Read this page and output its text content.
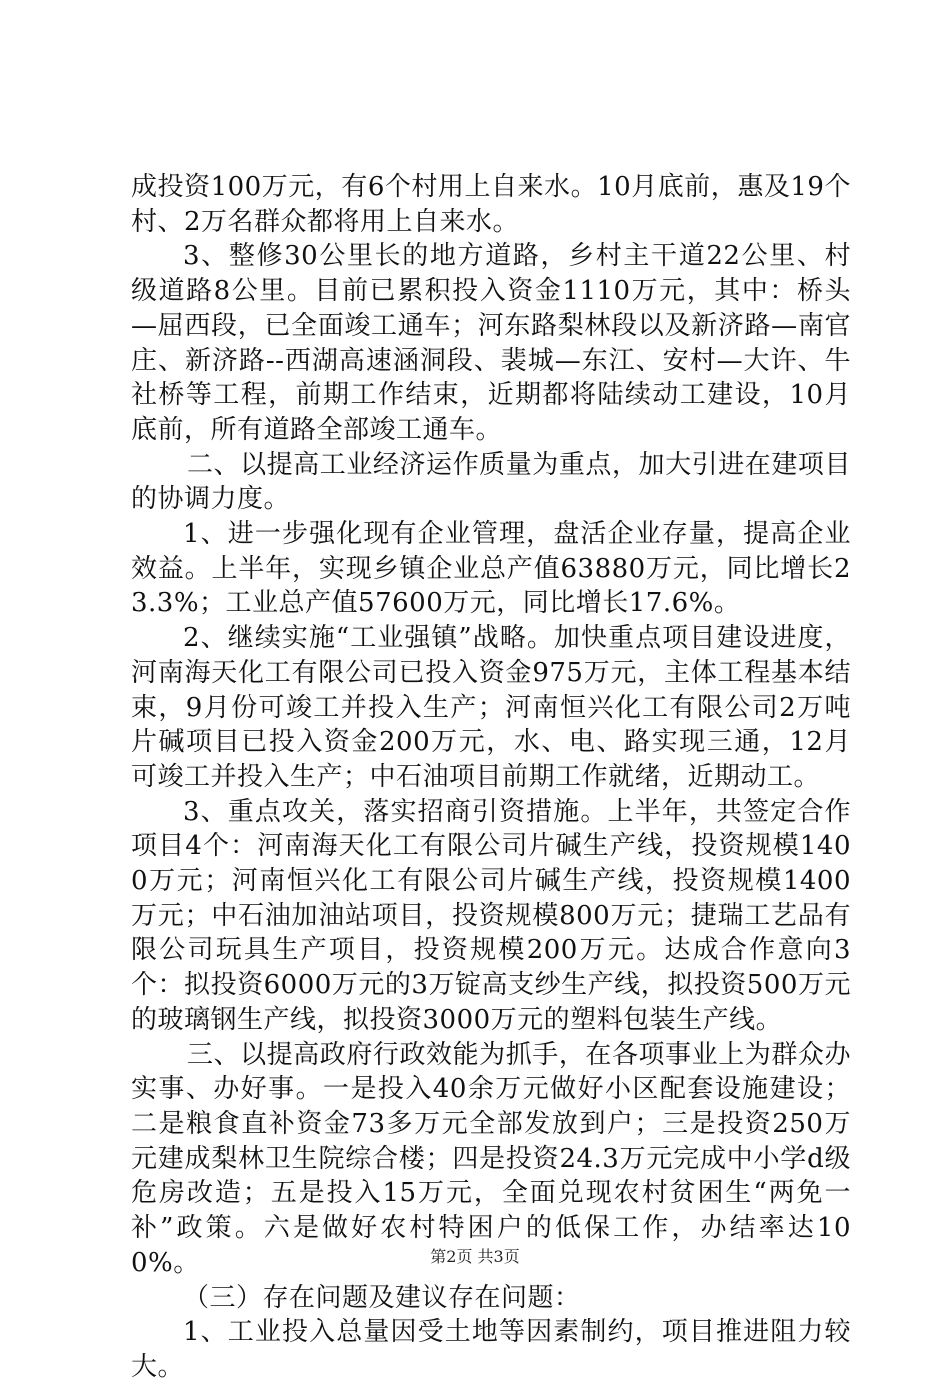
成投资100万元，有6个村用上自来水。10月底前，惠及19个村、2万名群众都将用上自来水。

3、整修30公里长的地方道路，乡村主干道22公里、村级道路8公里。目前已累积投入资金1110万元，其中：桥头—屈西段，已全面竣工通车；河东路梨林段以及新济路—南官庄、新济路--西湖高速涵洞段、裴城—东江、安村—大许、牛社桥等工程，前期工作结束，近期都将陆续动工建设，10月底前，所有道路全部竣工通车。

二、以提高工业经济运作质量为重点，加大引进在建项目的协调力度。

1、进一步强化现有企业管理，盘活企业存量，提高企业效益。上半年，实现乡镇企业总产值63880万元，同比增长23.3%；工业总产值57600万元，同比增长17.6%。

2、继续实施“工业强镇”战略。加快重点项目建设进度，河南海天化工有限公司已投入资金975万元，主体工程基本结束，9月份可竣工并投入生产；河南恒兴化工有限公司2万吨片碱项目已投入资金200万元，水、电、路实现三通，12月可竣工并投入生产；中石油项目前期工作就绪，近期动工。

3、重点攻关，落实招商引资措施。上半年，共签定合作项目4个：河南海天化工有限公司片碱生产线，投资规模1400万元；河南恒兴化工有限公司片碱生产线，投资规模1400万元；中石油加油站项目，投资规模800万元；捷瑞工艺品有限公司玩具生产项目，投资规模200万元。达成合作意向3个：拟投资6000万元的3万锭高支纱生产线，拟投资500万元的玻璃钢生产线，拟投资3000万元的塑料包装生产线。

三、以提高政府行政效能为抓手，在各项事业上为群众办实事、办好事。一是投入40余万元做好小区配套设施建设；二是粮食直补资金73多万元全部发放到户；三是投资250万元建成梨林卫生院综合楼；四是投资24.3万元完成中小学d级危房改造；五是投入15万元，全面兑现农村贫困生“两免一补”政策。六是做好农村特困户的低保工作，办结率达100%。

（三）存在问题及建议存在问题：

1、工业投入总量因受土地等因素制约，项目推进阻力较大。

第2页 共3页
